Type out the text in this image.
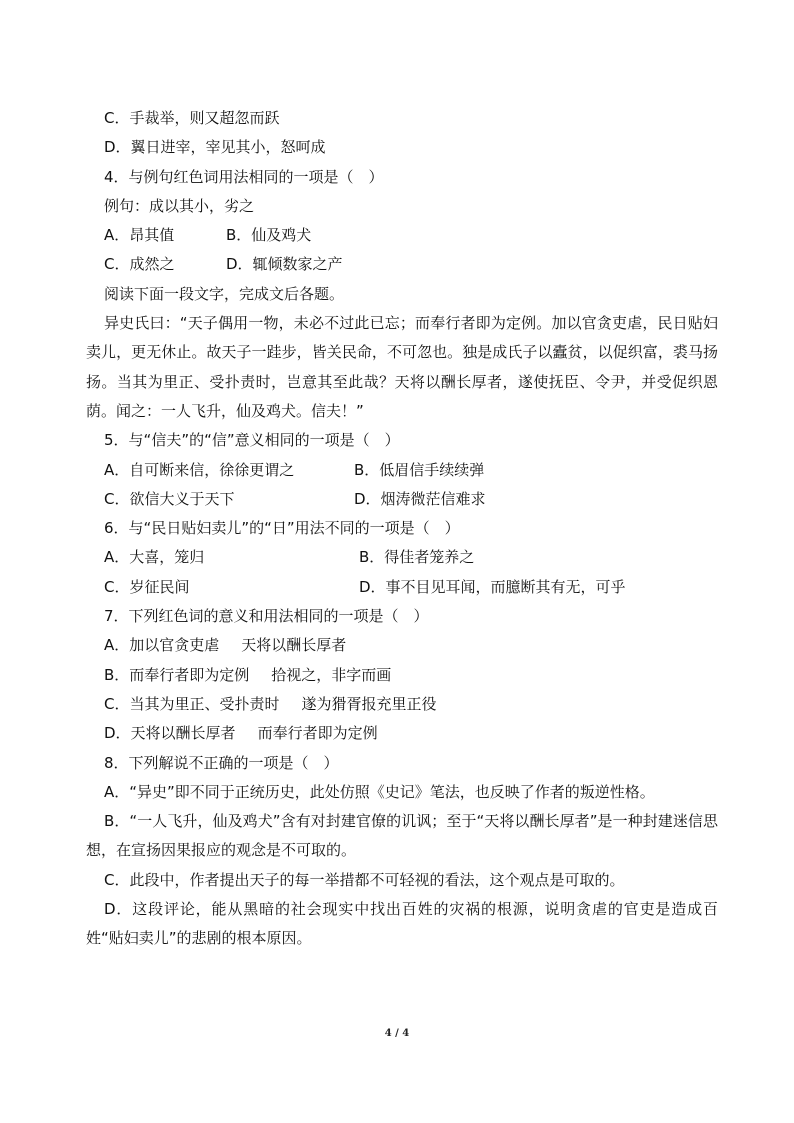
C．手裁举，则又超忽而跃
D．翼日进宰，宰见其小，怒呵成
4．与例句红色词用法相同的一项是（　）
例句：成以其小，劣之
A．昂其值	B．仙及鸡犬
C．成然之	D．辄倾数家之产
阅读下面一段文字，完成文后各题。
异史氏曰：“天子偶用一物，未必不过此已忘；而奉行者即为定例。加以官贪吏虐，民日贴妇卖儿，更无休止。故天子一跬步，皆关民命，不可忽也。独是成氏子以蠹贫，以促织富，裘马扬扬。当其为里正、受扑责时，岂意其至此哉？天将以酬长厚者，遂使抚臣、令尹，并受促织恩荫。闻之：一人飞升，仙及鸡犬。信夫！”
5．与“信夫”的“信”意义相同的一项是（　）
A．自可断来信，徐徐更谓之	B．低眉信手续续弹
C．欲信大义于天下	D．烟涛微茫信难求
6．与“民日贴妇卖儿”的“日”用法不同的一项是（　）
A．大喜，笼归	B．得佳者笼养之
C．岁征民间	D．事不目见耳闻，而臆断其有无，可乎
7．下列红色词的意义和用法相同的一项是（　）
A．加以官贪吏虐 天将以酬长厚者
B．而奉行者即为定例 拾视之，非字而画
C．当其为里正、受扑责时 遂为猾胥报充里正役
D．天将以酬长厚者 而奉行者即为定例
8．下列解说不正确的一项是（　）
A．“异史”即不同于正统历史，此处仿照《史记》笔法，也反映了作者的叛逆性格。
B．“一人飞升，仙及鸡犬”含有对封建官僚的讥讽；至于“天将以酬长厚者”是一种封建迷信思想，在宣扬因果报应的观念是不可取的。
C．此段中，作者提出天子的每一举措都不可轻视的看法，这个观点是可取的。
D．这段评论，能从黑暗的社会现实中找出百姓的灾祸的根源，说明贪虐的官吏是造成百姓“贴妇卖儿”的悲剧的根本原因。
4 / 4
